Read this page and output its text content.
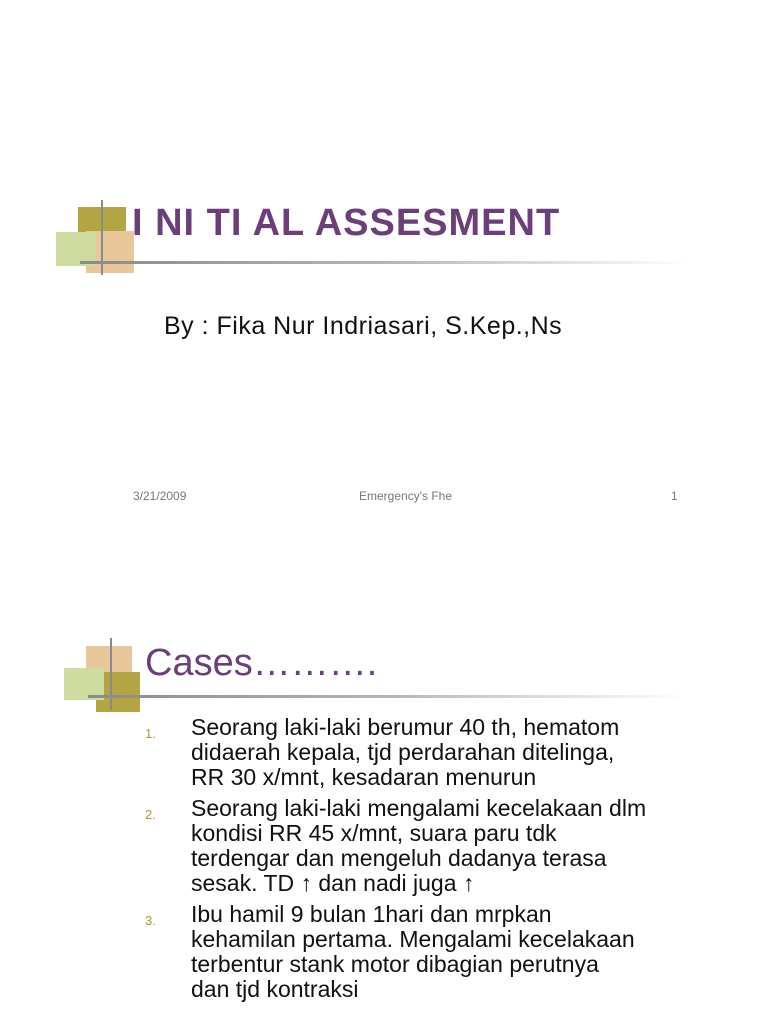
I NI TI AL ASSESMENT
By : Fika Nur Indriasari, S.Kep.,Ns
3/21/2009	Emergency's Fhe	1
Cases……….
1. Seorang laki-laki berumur 40 th, hematom
didaerah kepala, tjd perdarahan ditelinga,
RR 30 x/mnt, kesadaran menurun
2. Seorang laki-laki mengalami kecelakaan dlm
kondisi RR 45 x/mnt, suara paru tdk
terdengar dan mengeluh dadanya terasa
sesak. TD ↑ dan nadi juga ↑
3. Ibu hamil 9 bulan 1hari dan mrpkan
kehamilan pertama. Mengalami kecelakaan
terbentur stank motor dibagian perutnya
dan tjd kontraksi
